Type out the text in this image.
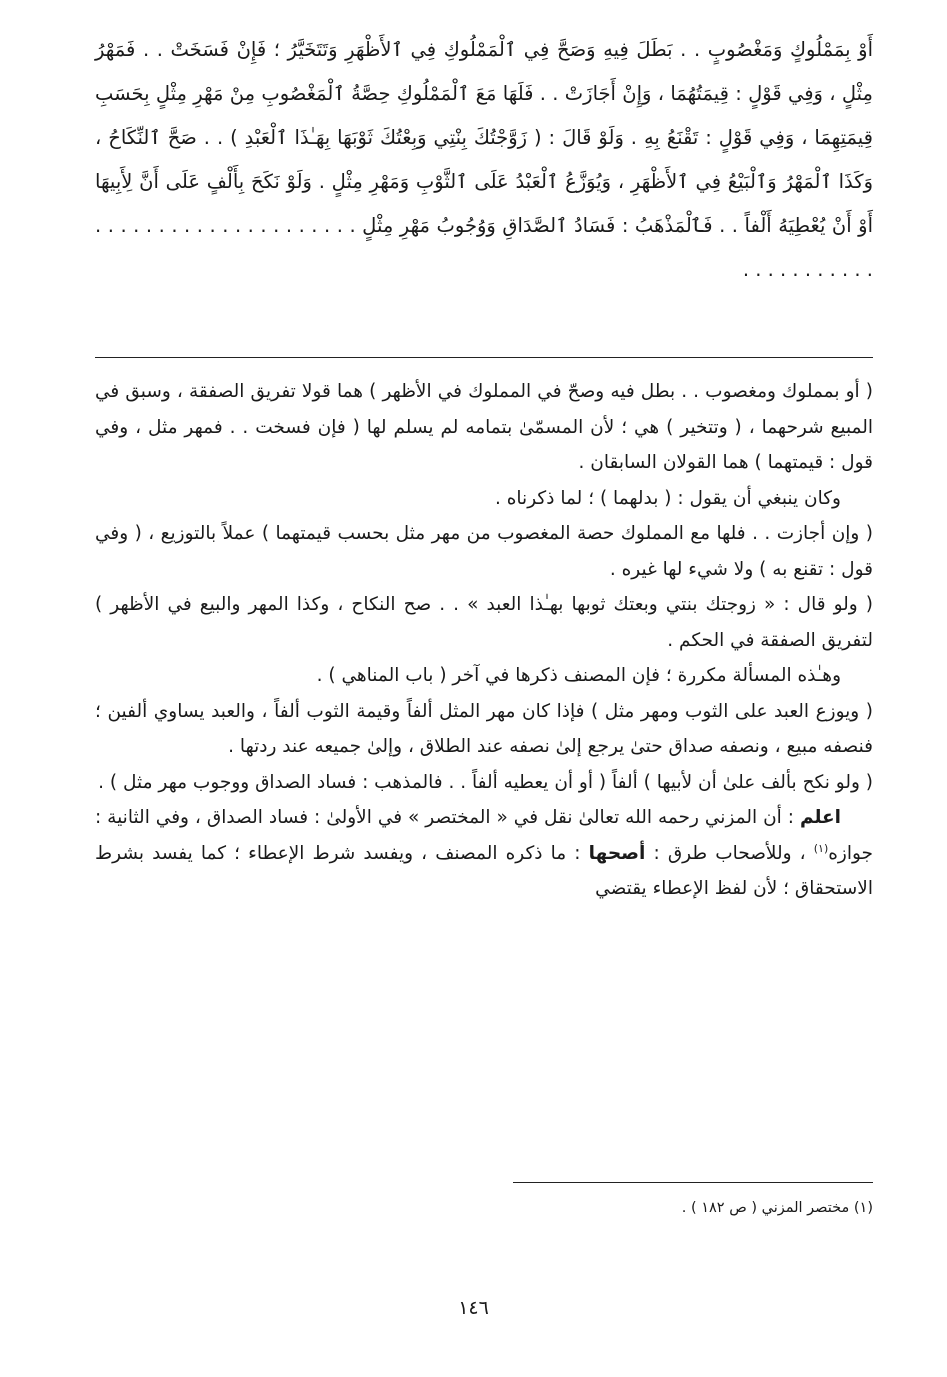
أَوْ بِمَمْلُوكٍ وَمَغْصُوبٍ . . بَطَلَ فِيهِ وَصَحَّ فِي ٱلْمَمْلُوكِ فِي ٱلأَظْهَرِ وَتَتَخَيَّرُ ؛ فَإِنْ فَسَخَتْ . . فَمَهْرُ مِثْلٍ ، وَفِي قَوْلٍ : قِيمَتُهُمَا ، وَإِنْ أَجَازَتْ . . فَلَهَا مَعَ ٱلْمَمْلُوكِ حِصَّةُ ٱلْمَغْصُوبِ مِنْ مَهْرِ مِثْلٍ بِحَسَبِ قِيمَتِهِمَا ، وَفِي قَوْلٍ : تَقْنَعُ بِهِ . وَلَوْ قَالَ : ( زَوَّجْتُكَ بِنْتِي وَبِعْتُكَ ثَوْبَهَا بِهَـٰذَا ٱلْعَبْدِ ) . . صَحَّ ٱلنِّكَاحُ ، وَكَذَا ٱلْمَهْرُ وَٱلْبَيْعُ فِي ٱلأَظْهَرِ ، وَيُوَزَّعُ ٱلْعَبْدُ عَلَى ٱلثَّوْبِ وَمَهْرِ مِثْلٍ . وَلَوْ نَكَحَ بِأَلْفٍ عَلَى أَنَّ لِأَبِيهَا أَوْ أَنْ يُعْطِيَهُ أَلْفاً . . فَٱلْمَذْهَبُ : فَسَادُ ٱلصَّدَاقِ وَوُجُوبُ مَهْرِ مِثْلٍ . . . . . . . . . . . . . . . . . . . . . . . . . . . . . . . .

( أو بمملوك ومغصوب . . بطل فيه وصحّ في المملوك في الأظهر ) هما قولا تفريق الصفقة ، وسبق في المبيع شرحهما ، ( وتتخير ) هي ؛ لأن المسمّىٰ بتمامه لم يسلم لها ( فإن فسخت . . فمهر مثل ، وفي قول : قيمتهما ) هما القولان السابقان .

وكان ينبغي أن يقول : ( بدلهما ) ؛ لما ذكرناه .

( وإن أجازت . . فلها مع المملوك حصة المغصوب من مهر مثل بحسب قيمتهما ) عملاً بالتوزيع ، ( وفي قول : تقنع به ) ولا شيء لها غيره .

( ولو قال : « زوجتك بنتي وبعتك ثوبها بهـٰذا العبد » . . صح النكاح ، وكذا المهر والبيع في الأظهر ) لتفريق الصفقة في الحكم .

وهـٰذه المسألة مكررة ؛ فإن المصنف ذكرها في آخر ( باب المناهي ) .

( ويوزع العبد على الثوب ومهر مثل ) فإذا كان مهر المثل ألفاً وقيمة الثوب ألفاً ، والعبد يساوي ألفين ؛ فنصفه مبيع ، ونصفه صداق حتىٰ يرجع إلىٰ نصفه عند الطلاق ، وإلىٰ جميعه عند ردتها .

( ولو نكح بألف علىٰ أن لأبيها ) ألفاً ( أو أن يعطيه ألفاً . . فالمذهب : فساد الصداق ووجوب مهر مثل ) .

اعلم : أن المزني رحمه الله تعالىٰ نقل في « المختصر » في الأولىٰ : فساد الصداق ، وفي الثانية : جوازه$^{(١)}$ ، وللأصحاب طرق : أصحها : ما ذكره المصنف ، ويفسد شرط الإعطاء ؛ كما يفسد بشرط الاستحقاق ؛ لأن لفظ الإعطاء يقتضي

(١) مختصر المزني ( ص ١٨٢ ) .
١٤٦
